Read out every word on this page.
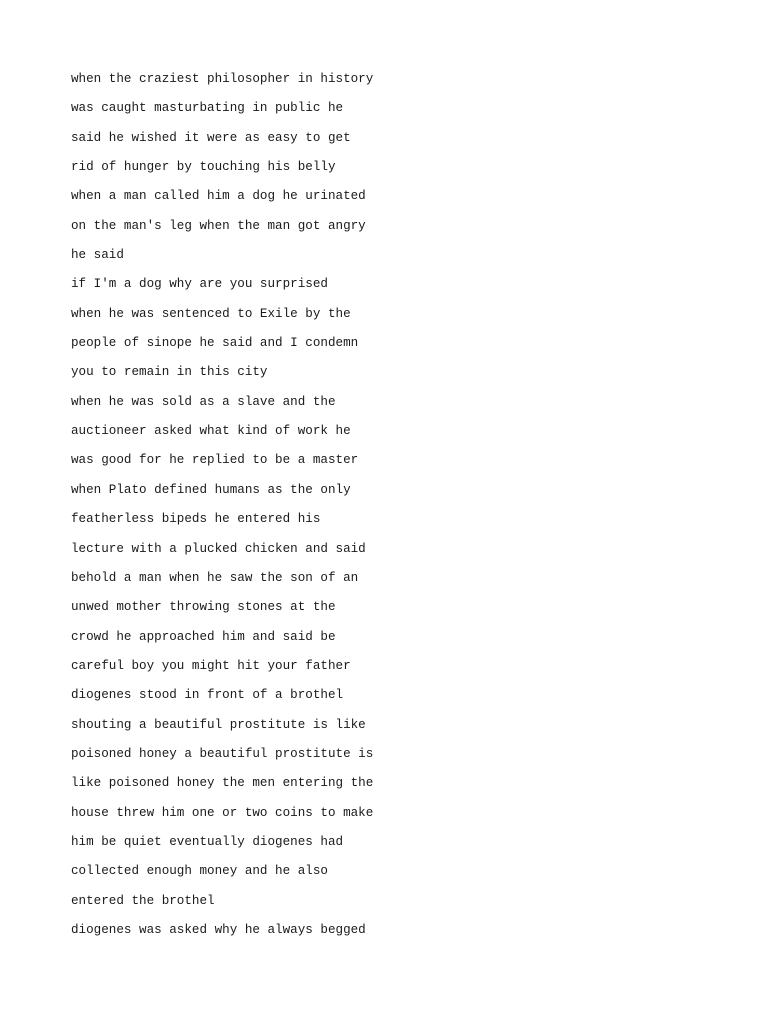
when the craziest philosopher in history
was caught masturbating in public he
said he wished it were as easy to get
rid of hunger by touching his belly
when a man called him a dog he urinated
on the man's leg when the man got angry
he said
if I'm a dog why are you surprised
when he was sentenced to Exile by the
people of sinope he said and I condemn
you to remain in this city
when he was sold as a slave and the
auctioneer asked what kind of work he
was good for he replied to be a master
when Plato defined humans as the only
featherless bipeds he entered his
lecture with a plucked chicken and said
behold a man when he saw the son of an
unwed mother throwing stones at the
crowd he approached him and said be
careful boy you might hit your father
diogenes stood in front of a brothel
shouting a beautiful prostitute is like
poisoned honey a beautiful prostitute is
like poisoned honey the men entering the
house threw him one or two coins to make
him be quiet eventually diogenes had
collected enough money and he also
entered the brothel
diogenes was asked why he always begged
